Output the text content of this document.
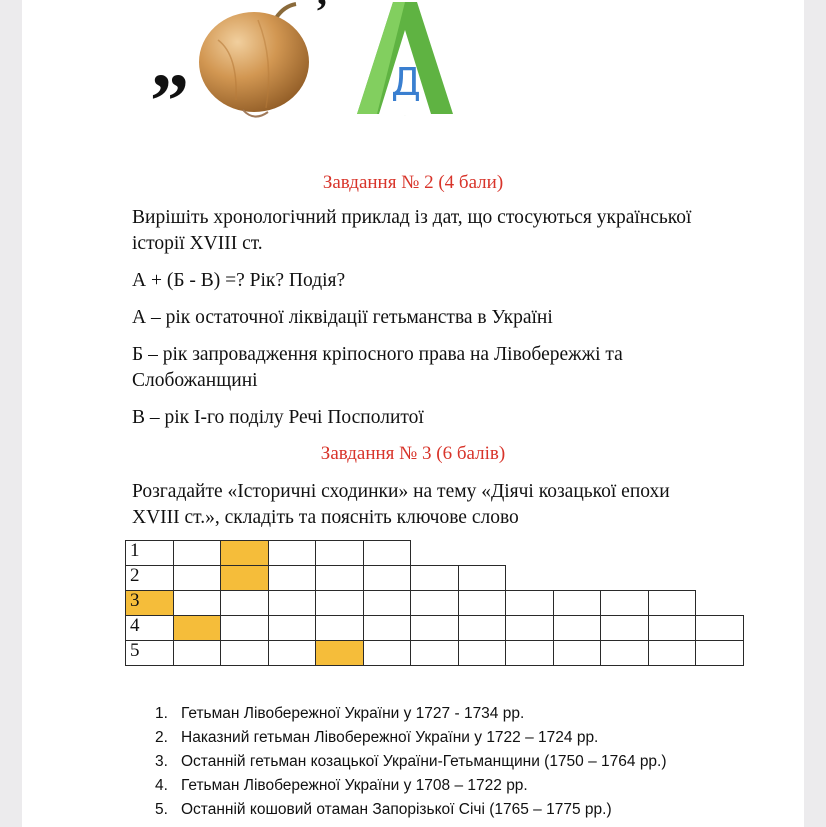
”
’
Д
А
Завдання № 2 (4 бали)
Вирішіть хронологічний приклад із дат, що стосуються української
історії XVIII ст.
А + (Б - В) =? Рік? Подія?
А – рік остаточної ліквідації гетьманства в Україні
Б – рік запровадження кріпосного права на Лівобережжі та
Слобожанщині
В – рік І-го поділу Речі Посполитої
Завдання № 3 (6 балів)
Розгадайте «Історичні сходинки» на тему «Діячі козацької епохи
XVIII ст.», складіть та поясніть ключове слово
1
2
3
4
5
1. Гетьман Лівобережної України у 1727 - 1734 рр.
2. Наказний гетьман Лівобережної України у 1722 – 1724 рр.
3. Останній гетьман козацької України-Гетьманщини (1750 – 1764 рр.)
4. Гетьман Лівобережної України у 1708 – 1722 рр.
5. Останній кошовий отаман Запорізької Січі (1765 – 1775 рр.)
